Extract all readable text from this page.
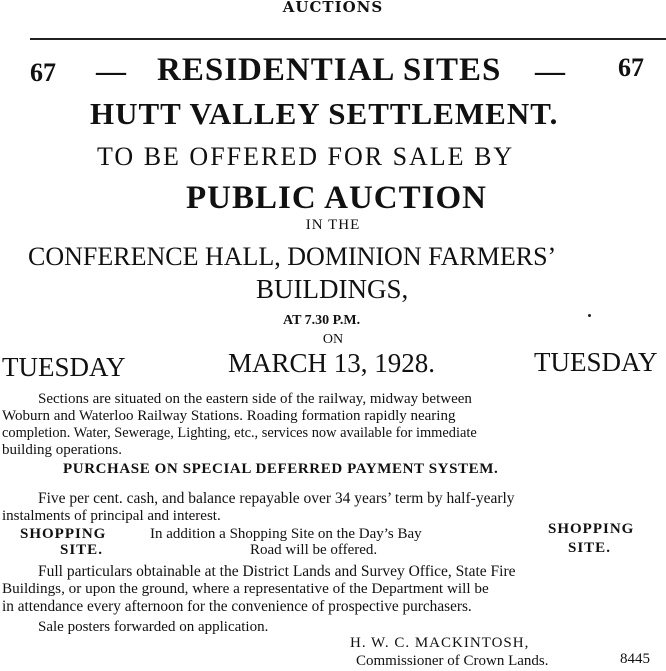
AUCTIONS
67 — RESIDENTIAL SITES — 67
HUTT VALLEY SETTLEMENT.
TO BE OFFERED FOR SALE BY
PUBLIC AUCTION
IN THE
CONFERENCE HALL, DOMINION FARMERS’
BUILDINGS,
AT 7.30 P.M.
ON
TUESDAY	MARCH 13, 1928.	TUESDAY
Sections are situated on the eastern side of the railway, midway between
Woburn and Waterloo Railway Stations. Roading formation rapidly nearing
completion. Water, Sewerage, Lighting, etc., services now available for immediate
building operations.
PURCHASE ON SPECIAL DEFERRED PAYMENT SYSTEM.
Five per cent. cash, and balance repayable over 34 years’ term by half-yearly
instalments of principal and interest.
SHOPPING	In addition a Shopping Site on the Day’s Bay	SHOPPING
SITE.	Road will be offered.	SITE.
Full particulars obtainable at the District Lands and Survey Office, State Fire
Buildings, or upon the ground, where a representative of the Department will be
in attendance every afternoon for the convenience of prospective purchasers.
Sale posters forwarded on application.
H. W. C. MACKINTOSH,
Commissioner of Crown Lands.	8445
